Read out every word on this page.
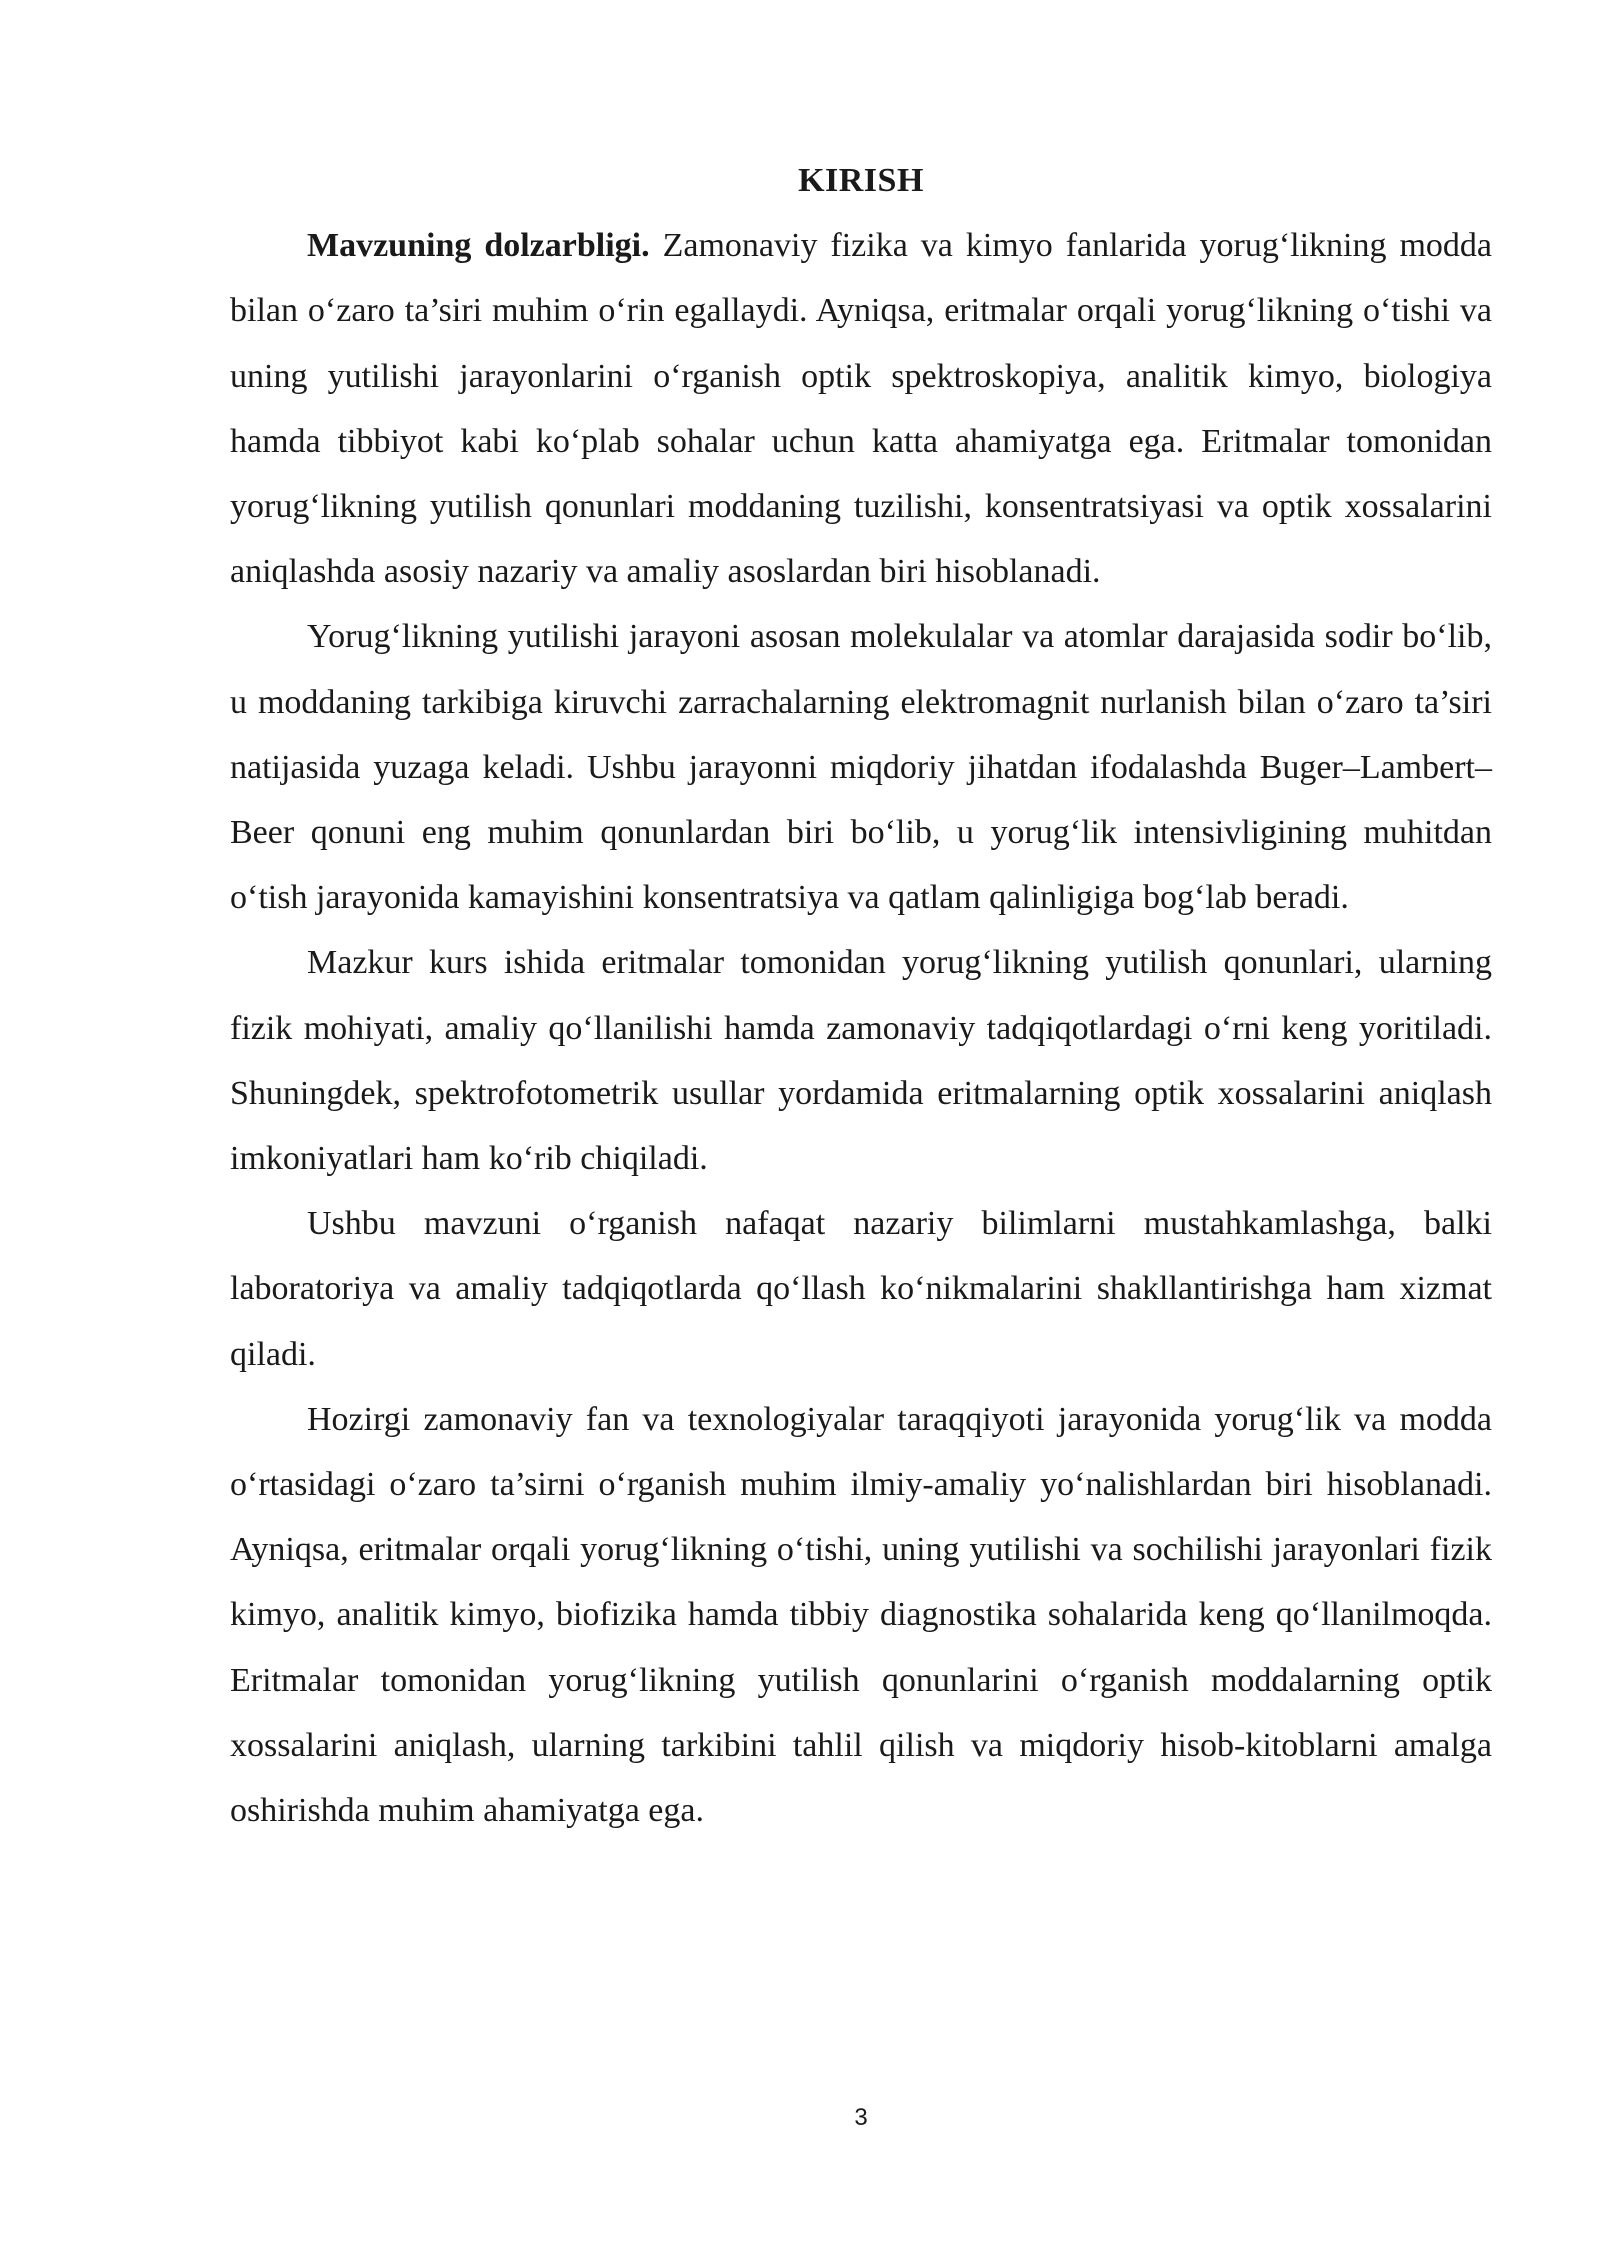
KIRISH

Mavzuning dolzarbligi. Zamonaviy fizika va kimyo fanlarida yorug‘likning modda bilan o‘zaro ta’siri muhim o‘rin egallaydi. Ayniqsa, eritmalar orqali yorug‘likning o‘tishi va uning yutilishi jarayonlarini o‘rganish optik spektroskopiya, analitik kimyo, biologiya hamda tibbiyot kabi ko‘plab sohalar uchun katta ahamiyatga ega. Eritmalar tomonidan yorug‘likning yutilish qonunlari moddaning tuzilishi, konsentratsiyasi va optik xossalarini aniqlashda asosiy nazariy va amaliy asoslardan biri hisoblanadi.

Yorug‘likning yutilishi jarayoni asosan molekulalar va atomlar darajasida sodir bo‘lib, u moddaning tarkibiga kiruvchi zarrachalarning elektromagnit nurlanish bilan o‘zaro ta’siri natijasida yuzaga keladi. Ushbu jarayonni miqdoriy jihatdan ifodalashda Buger–Lambert–Beer qonuni eng muhim qonunlardan biri bo‘lib, u yorug‘lik intensivligining muhitdan o‘tish jarayonida kamayishini konsentratsiya va qatlam qalinligiga bog‘lab beradi.

Mazkur kurs ishida eritmalar tomonidan yorug‘likning yutilish qonunlari, ularning fizik mohiyati, amaliy qo‘llanilishi hamda zamonaviy tadqiqotlardagi o‘rni keng yoritiladi. Shuningdek, spektrofotometrik usullar yordamida eritmalarning optik xossalarini aniqlash imkoniyatlari ham ko‘rib chiqiladi.

Ushbu mavzuni o‘rganish nafaqat nazariy bilimlarni mustahkamlashga, balki laboratoriya va amaliy tadqiqotlarda qo‘llash ko‘nikmalarini shakllantirishga ham xizmat qiladi.

Hozirgi zamonaviy fan va texnologiyalar taraqqiyoti jarayonida yorug‘lik va modda o‘rtasidagi o‘zaro ta’sirni o‘rganish muhim ilmiy-amaliy yo‘nalishlardan biri hisoblanadi. Ayniqsa, eritmalar orqali yorug‘likning o‘tishi, uning yutilishi va sochilishi jarayonlari fizik kimyo, analitik kimyo, biofizika hamda tibbiy diagnostika sohalarida keng qo‘llanilmoqda. Eritmalar tomonidan yorug‘likning yutilish qonunlarini o‘rganish moddalarning optik xossalarini aniqlash, ularning tarkibini tahlil qilish va miqdoriy hisob-kitoblarni amalga oshirishda muhim ahamiyatga ega.

3
